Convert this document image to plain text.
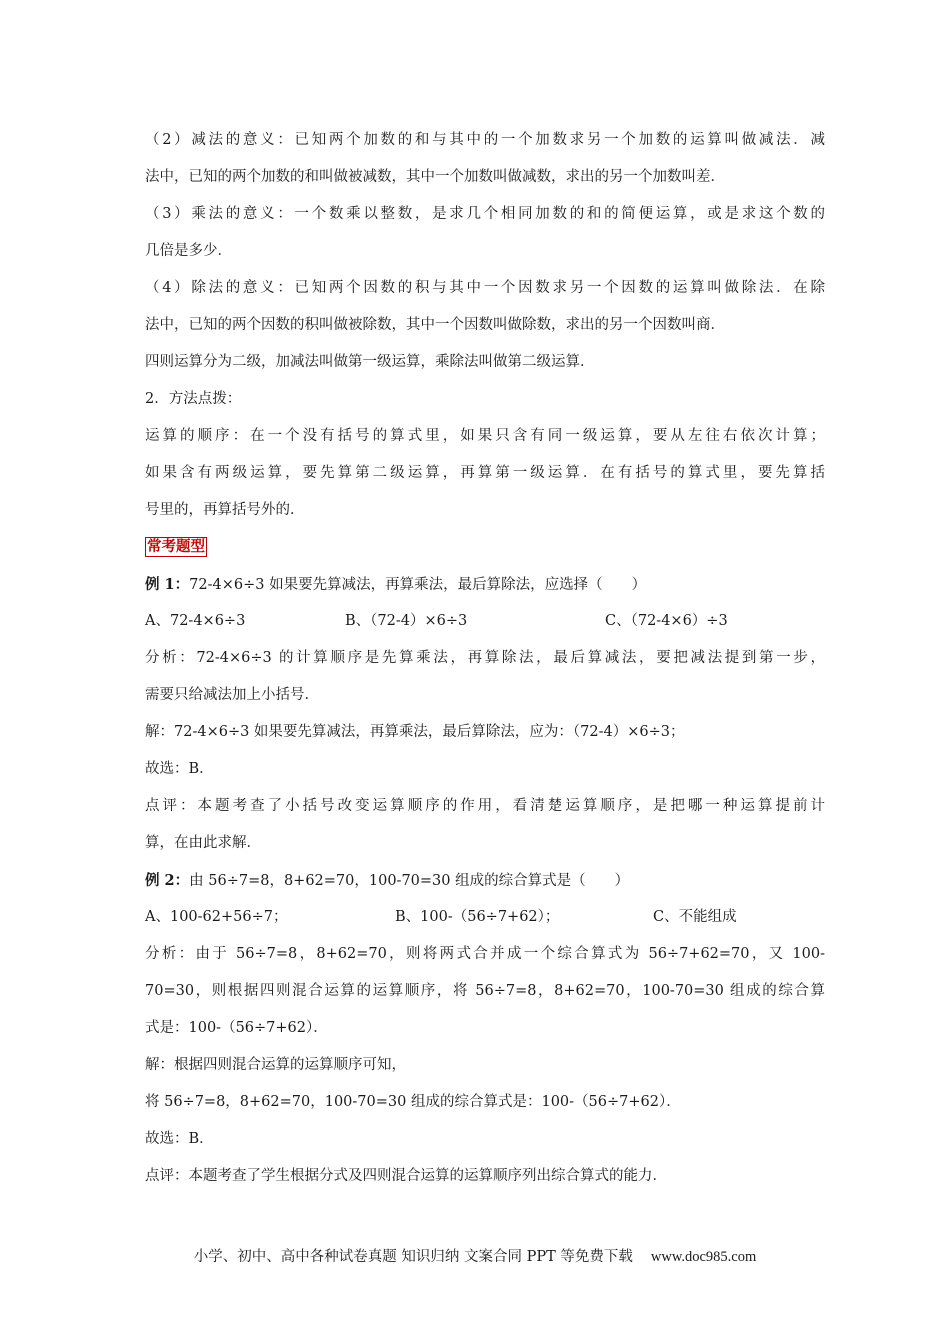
（2）减法的意义：已知两个加数的和与其中的一个加数求另一个加数的运算叫做减法．减
法中，已知的两个加数的和叫做被减数，其中一个加数叫做减数，求出的另一个加数叫差．
（3）乘法的意义：一个数乘以整数，是求几个相同加数的和的简便运算，或是求这个数的
几倍是多少．
（4）除法的意义：已知两个因数的积与其中一个因数求另一个因数的运算叫做除法．在除
法中，已知的两个因数的积叫做被除数，其中一个因数叫做除数，求出的另一个因数叫商．
四则运算分为二级，加减法叫做第一级运算，乘除法叫做第二级运算．
2．方法点拨：
运算的顺序：在一个没有括号的算式里，如果只含有同一级运算，要从左往右依次计算；
如果含有两级运算，要先算第二级运算，再算第一级运算．在有括号的算式里，要先算括
号里的，再算括号外的．
常考题型
例 1：72-4×6÷3 如果要先算减法，再算乘法，最后算除法，应选择（　　）
A、72-4×6÷3	B、（72-4）×6÷3	C、（72-4×6）÷3
分析：72-4×6÷3 的计算顺序是先算乘法，再算除法，最后算减法，要把减法提到第一步，
需要只给减法加上小括号．
解：72-4×6÷3 如果要先算减法，再算乘法，最后算除法，应为：（72-4）×6÷3；
故选：B．
点评：本题考查了小括号改变运算顺序的作用，看清楚运算顺序，是把哪一种运算提前计
算，在由此求解．
例 2：由 56÷7=8，8+62=70，100-70=30 组成的综合算式是（　　）
A、100-62+56÷7；	B、100-（56÷7+62）；	C、不能组成
分析：由于 56÷7=8，8+62=70，则将两式合并成一个综合算式为 56÷7+62=70，又 100-
70=30，则根据四则混合运算的运算顺序，将 56÷7=8，8+62=70，100-70=30 组成的综合算
式是：100-（56÷7+62）．
解：根据四则混合运算的运算顺序可知，
将 56÷7=8，8+62=70，100-70=30 组成的综合算式是：100-（56÷7+62）．
故选：B．
点评：本题考查了学生根据分式及四则混合运算的运算顺序列出综合算式的能力．
小学、初中、高中各种试卷真题 知识归纳 文案合同 PPT 等免费下载 www.doc985.com
